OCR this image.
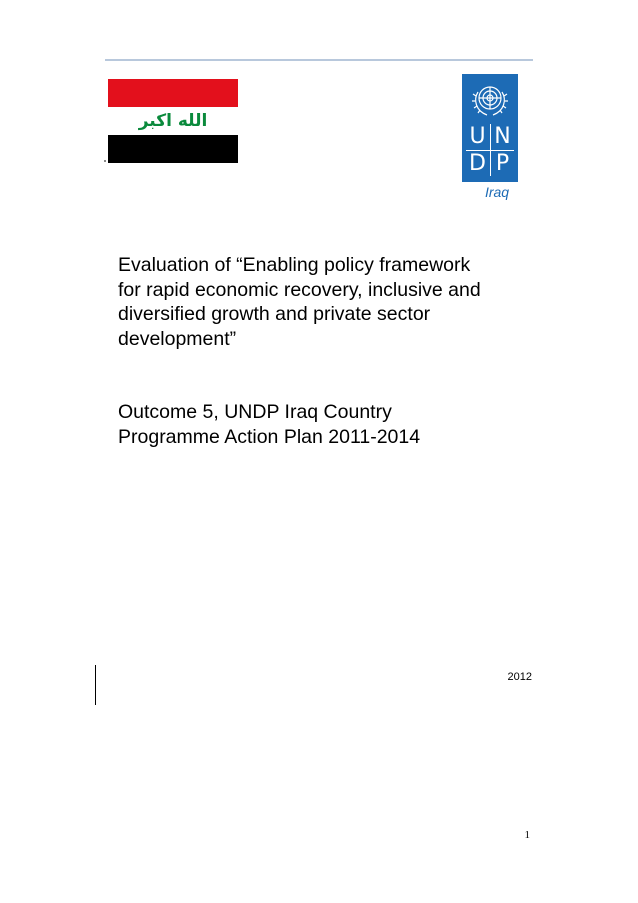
الله اكبر
U N
D P
Iraq
Evaluation of “Enabling policy framework for rapid economic recovery, inclusive and diversified growth and private sector development”

Outcome 5, UNDP Iraq Country Programme Action Plan 2011-2014

2012
1
